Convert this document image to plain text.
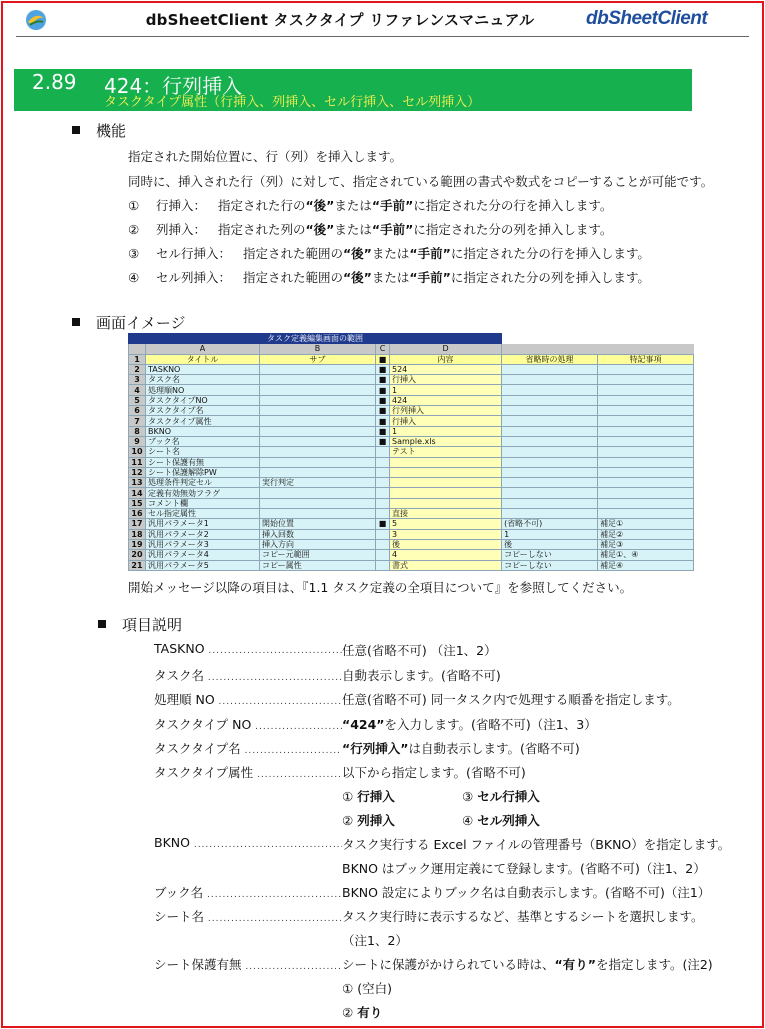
dbSheetClient タスクタイプ リファレンスマニュアル	dbSheetClient
2.89 424：行列挿入
タスクタイプ属性（行挿入、列挿入、セル行挿入、セル列挿入）
機能
指定された開始位置に、行（列）を挿入します。
同時に、挿入された行（列）に対して、指定されている範囲の書式や数式をコピーすることが可能です。
① 行挿入： 指定された行の“後”または“手前”に指定された分の行を挿入します。
② 列挿入： 指定された列の“後”または“手前”に指定された分の列を挿入します。
③ セル行挿入： 指定された範囲の“後”または“手前”に指定された分の行を挿入します。
④ セル列挿入： 指定された範囲の“後”または“手前”に指定された分の列を挿入します。
画面イメージ
タスク定義編集画面の範囲						
	A	B	C	D		
1	タイトル	サブ	■	内容	省略時の処理	特記事項
2	TASKNO		■	524		
3	タスク名		■	行挿入		
4	処理順NO		■	1		
5	タスクタイプNO		■	424		
6	タスクタイプ名		■	行列挿入		
7	タスクタイプ属性		■	行挿入		
8	BKNO		■	1		
9	ブック名		■	Sample.xls		
10	シート名			テスト		
11	シート保護有無					
12	シート保護解除PW					
13	処理条件判定セル	実行判定				
14	定義有効無効フラグ					
15	コメント欄					
16	セル指定属性			直接		
17	汎用パラメータ1	開始位置	■	5	(省略不可)	補足①
18	汎用パラメータ2	挿入回数		3	1	補足②
19	汎用パラメータ3	挿入方向		後	後	補足③
20	汎用パラメータ4	コピー元範囲		4	コピーしない	補足①、④
21	汎用パラメータ5	コピー属性		書式	コピーしない	補足④
開始メッセージ以降の項目は、『1.1 タスク定義の全項目について』を参照してください。
項目説明
TASKNO .....	任意(省略不可) （注1、2）
タスク名 .....	自動表示します。(省略不可)
処理順 NO .....	任意(省略不可) 同一タスク内で処理する順番を指定します。
タスクタイプ NO .....	“424”を入力します。(省略不可)（注1、3）
タスクタイプ名 .....	“行列挿入”は自動表示します。(省略不可)
タスクタイプ属性 .....	以下から指定します。(省略不可)
① 行挿入	③ セル行挿入
② 列挿入	④ セル列挿入
BKNO .....	タスク実行する Excel ファイルの管理番号（BKNO）を指定します。
BKNO はブック運用定義にて登録します。(省略不可)（注1、2）
ブック名 .....	BKNO 設定によりブック名は自動表示します。(省略不可)（注1）
シート名 .....	タスク実行時に表示するなど、基準とするシートを選択します。
（注1、2）
シート保護有無 .....	シートに保護がかけられている時は、“有り”を指定します。(注2)
① (空白)
② 有り
